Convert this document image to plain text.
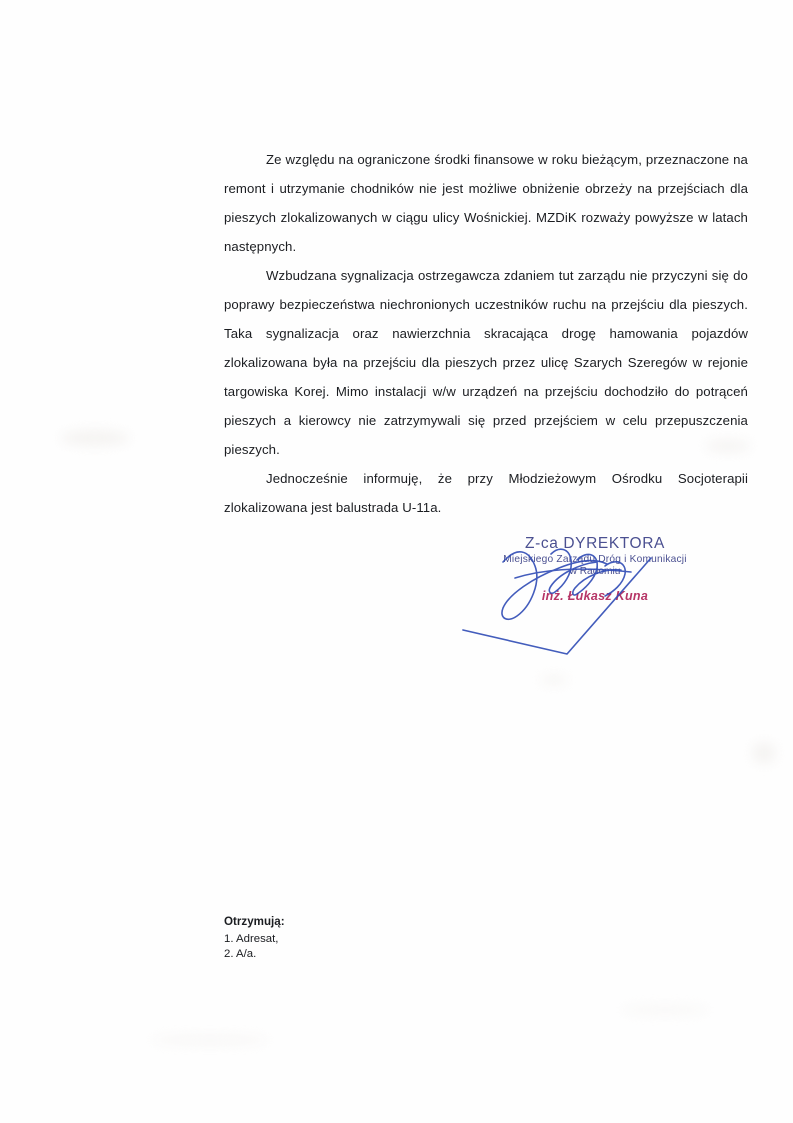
Ze względu na ograniczone środki finansowe w roku bieżącym, przeznaczone na remont i utrzymanie chodników nie jest możliwe obniżenie obrzeży na przejściach dla pieszych zlokalizowanych w ciągu ulicy Wośnickiej. MZDiK rozważy powyższe w latach następnych.

Wzbudzana sygnalizacja ostrzegawcza zdaniem tut zarządu nie przyczyni się do poprawy bezpieczeństwa niechronionych uczestników ruchu na przejściu dla pieszych. Taka sygnalizacja oraz nawierzchnia skracająca drogę hamowania pojazdów zlokalizowana była na przejściu dla pieszych przez ulicę Szarych Szeregów w rejonie targowiska Korej. Mimo instalacji w/w urządzeń na przejściu dochodziło do potrąceń pieszych a kierowcy nie zatrzymywali się przed przejściem w celu przepuszczenia pieszych.

Jednocześnie informuję, że przy Młodzieżowym Ośrodku Socjoterapii zlokalizowana jest balustrada U-11a.

Z-ca DYREKTORA
Miejskiego Zarządu Dróg i Komunikacji
w Radomiu
inż. Łukasz Kuna
Otrzymują:
1. Adresat,
2. A/a.
